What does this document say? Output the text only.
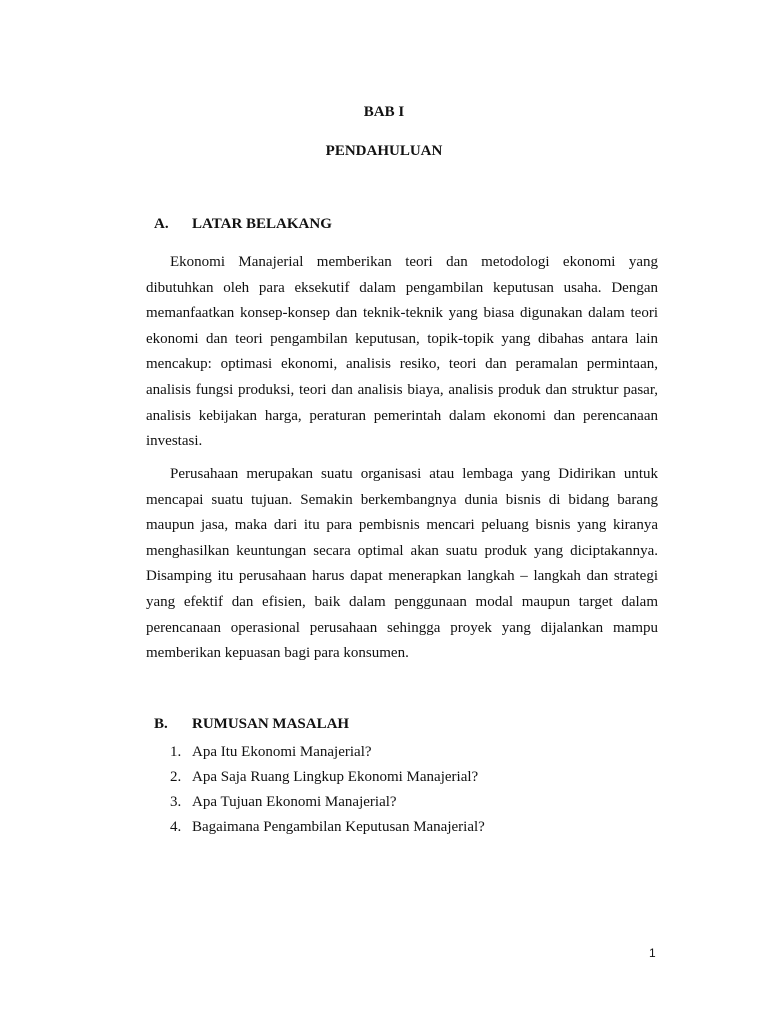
BAB I
PENDAHULUAN
A. LATAR BELAKANG

Ekonomi Manajerial memberikan teori dan metodologi ekonomi yang dibutuhkan oleh para eksekutif dalam pengambilan keputusan usaha. Dengan memanfaatkan konsep-konsep dan teknik-teknik yang biasa digunakan dalam teori ekonomi dan teori pengambilan keputusan, topik-topik yang dibahas antara lain mencakup: optimasi ekonomi, analisis resiko, teori dan peramalan permintaan, analisis fungsi produksi, teori dan analisis biaya, analisis produk dan struktur pasar, analisis kebijakan harga, peraturan pemerintah dalam ekonomi dan perencanaan investasi.

Perusahaan merupakan suatu organisasi atau lembaga yang Didirikan untuk mencapai suatu tujuan. Semakin berkembangnya dunia bisnis di bidang barang maupun jasa, maka dari itu para pembisnis mencari peluang bisnis yang kiranya menghasilkan keuntungan secara optimal akan suatu produk yang diciptakannya. Disamping itu perusahaan harus dapat menerapkan langkah – langkah dan strategi yang efektif dan efisien, baik dalam penggunaan modal maupun target dalam perencanaan operasional perusahaan sehingga proyek yang dijalankan mampu memberikan kepuasan bagi para konsumen.

B. RUMUSAN MASALAH
1. Apa Itu Ekonomi Manajerial?
2. Apa Saja Ruang Lingkup Ekonomi Manajerial?
3. Apa Tujuan Ekonomi Manajerial?
4. Bagaimana Pengambilan Keputusan Manajerial?
1
